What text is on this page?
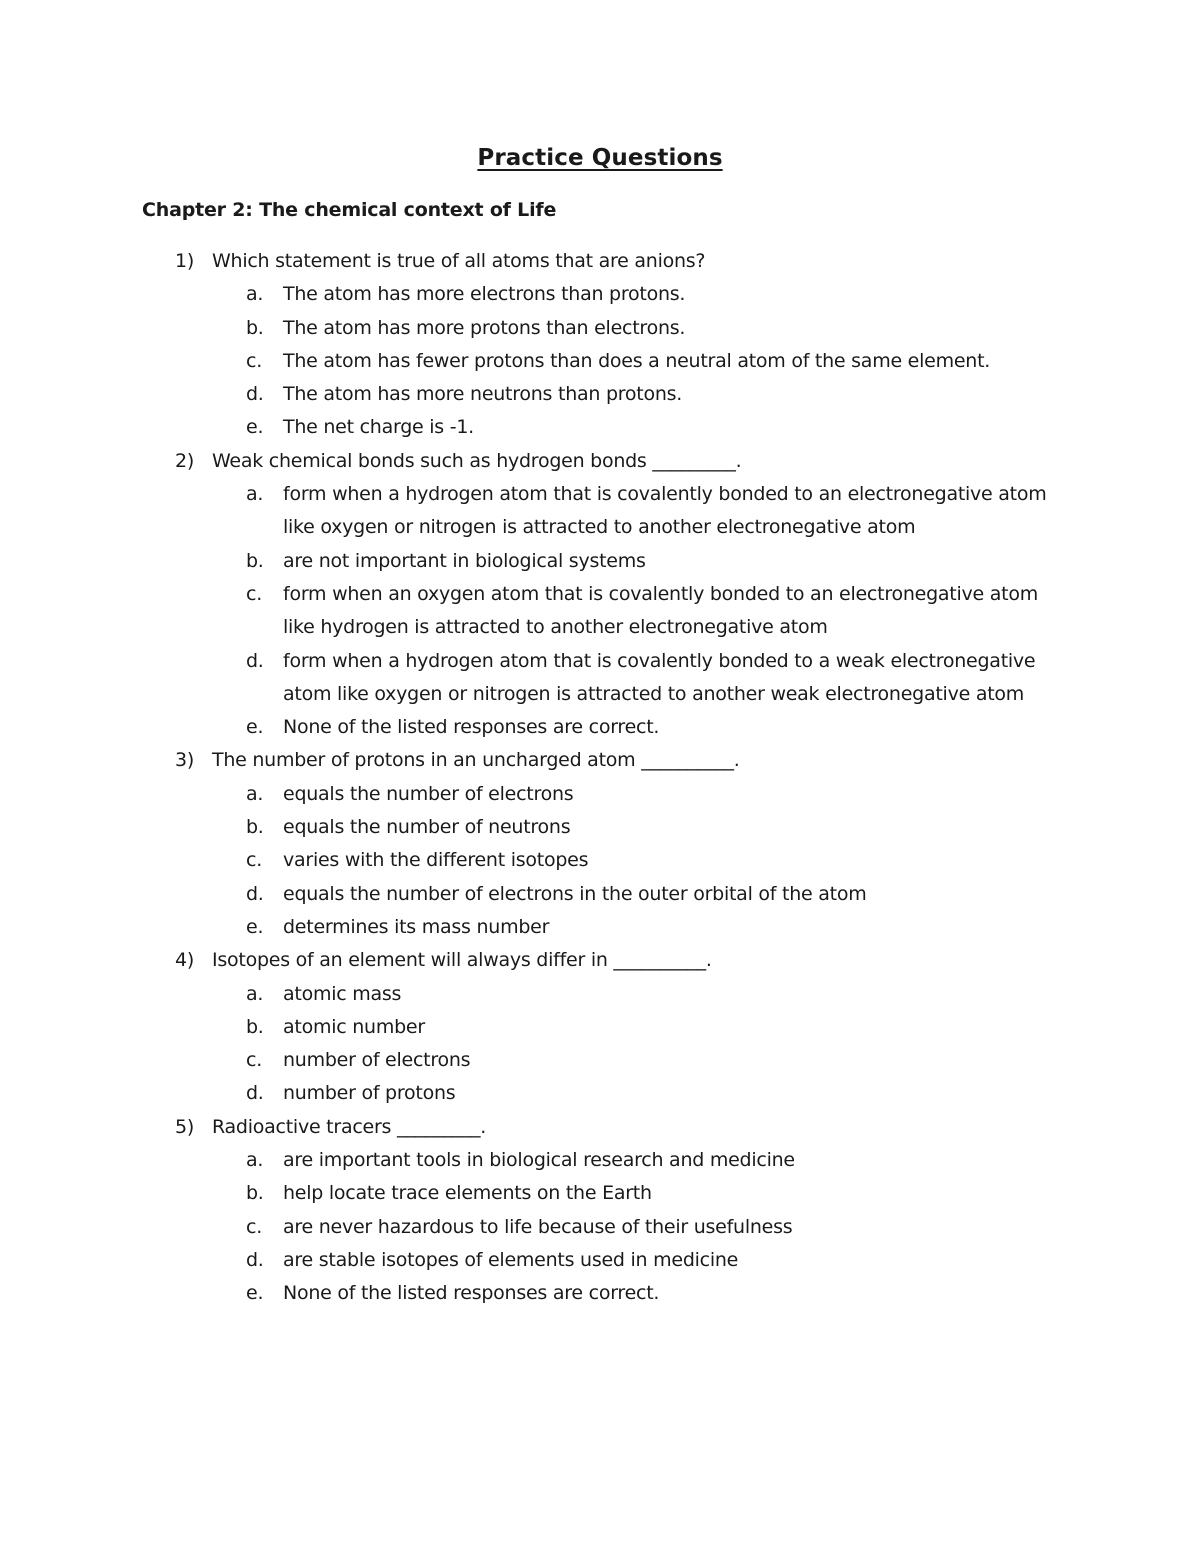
Practice Questions
Chapter 2: The chemical context of Life
1) Which statement is true of all atoms that are anions?
a. The atom has more electrons than protons.
b. The atom has more protons than electrons.
c. The atom has fewer protons than does a neutral atom of the same element.
d. The atom has more neutrons than protons.
e. The net charge is -1.
2) Weak chemical bonds such as hydrogen bonds _________.
a. form when a hydrogen atom that is covalently bonded to an electronegative atom like oxygen or nitrogen is attracted to another electronegative atom
b. are not important in biological systems
c. form when an oxygen atom that is covalently bonded to an electronegative atom like hydrogen is attracted to another electronegative atom
d. form when a hydrogen atom that is covalently bonded to a weak electronegative atom like oxygen or nitrogen is attracted to another weak electronegative atom
e. None of the listed responses are correct.
3) The number of protons in an uncharged atom __________.
a. equals the number of electrons
b. equals the number of neutrons
c. varies with the different isotopes
d. equals the number of electrons in the outer orbital of the atom
e. determines its mass number
4) Isotopes of an element will always differ in __________.
a. atomic mass
b. atomic number
c. number of electrons
d. number of protons
5) Radioactive tracers _________.
a. are important tools in biological research and medicine
b. help locate trace elements on the Earth
c. are never hazardous to life because of their usefulness
d. are stable isotopes of elements used in medicine
e. None of the listed responses are correct.
